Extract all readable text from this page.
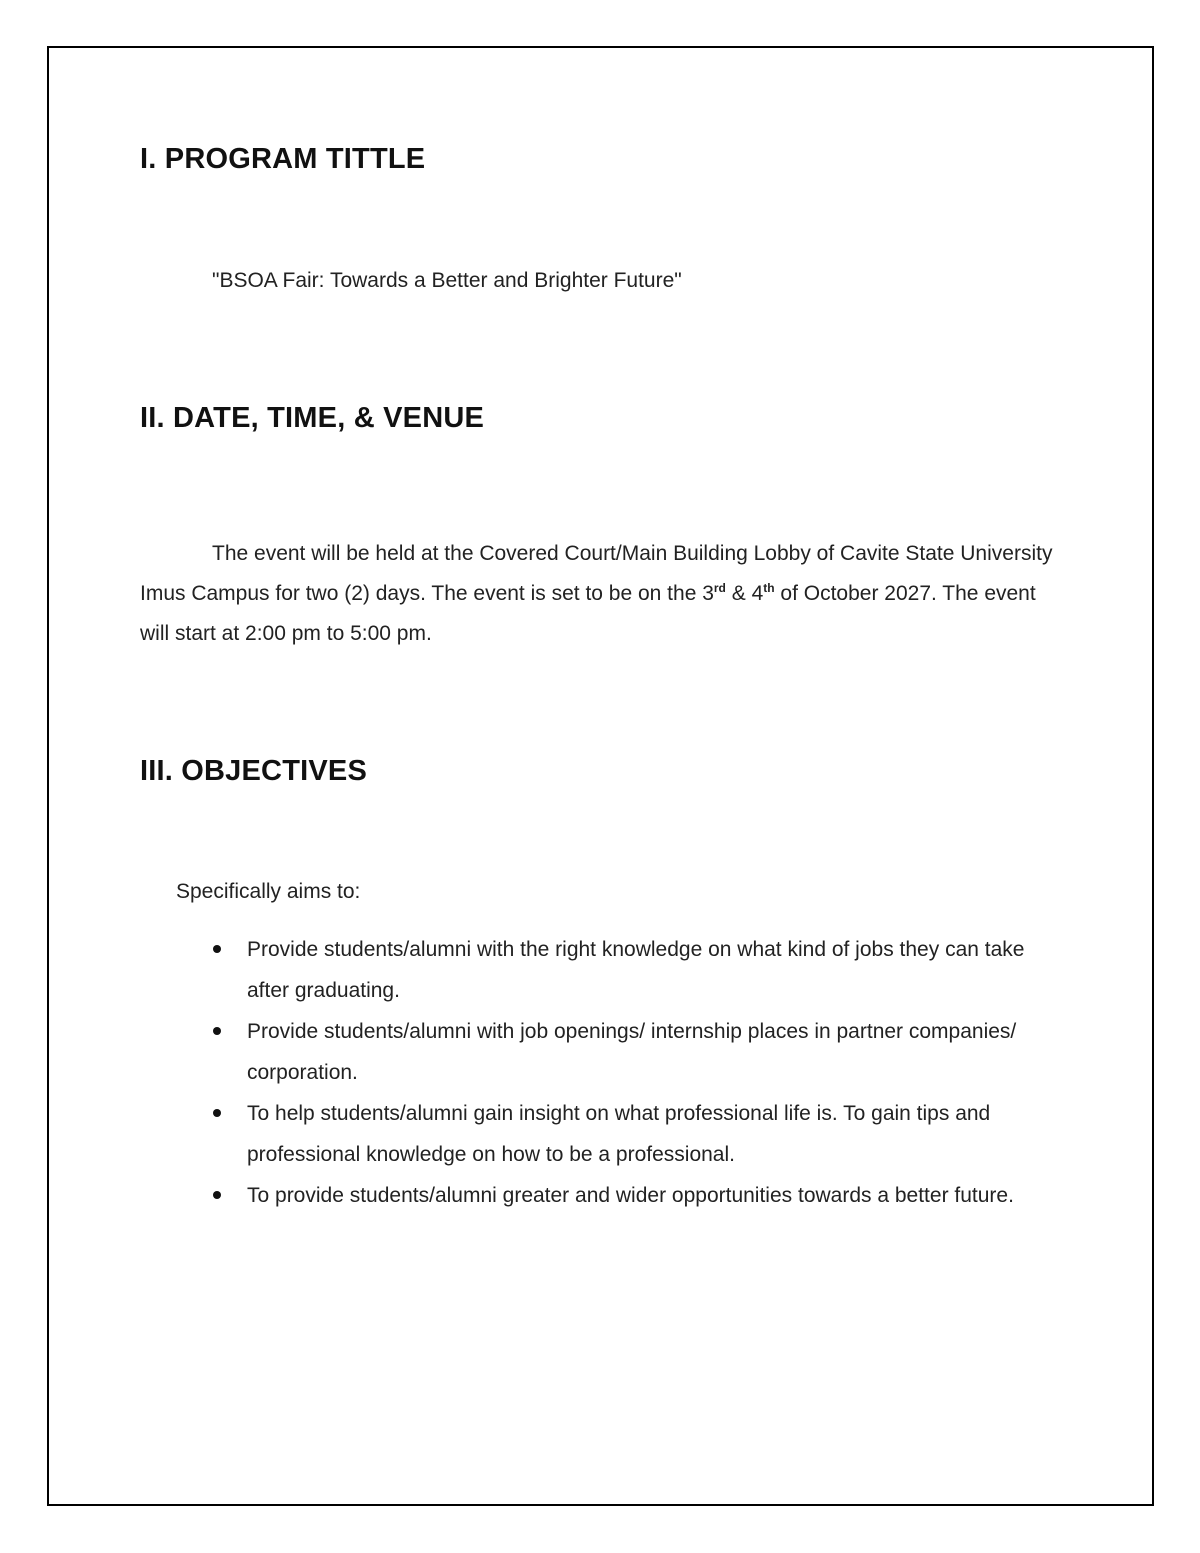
I. PROGRAM TITTLE
"BSOA Fair: Towards a Better and Brighter Future"
II. DATE, TIME, & VENUE

The event will be held at the Covered Court/Main Building Lobby of Cavite State University Imus Campus for two (2) days. The event is set to be on the 3rd & 4th of October 2027. The event will start at 2:00 pm to 5:00 pm.

III. OBJECTIVES
Specifically aims to:
Provide students/alumni with the right knowledge on what kind of jobs they can take after graduating.
Provide students/alumni with job openings/ internship places in partner companies/ corporation.
To help students/alumni gain insight on what professional life is. To gain tips and professional knowledge on how to be a professional.
To provide students/alumni greater and wider opportunities towards a better future.
